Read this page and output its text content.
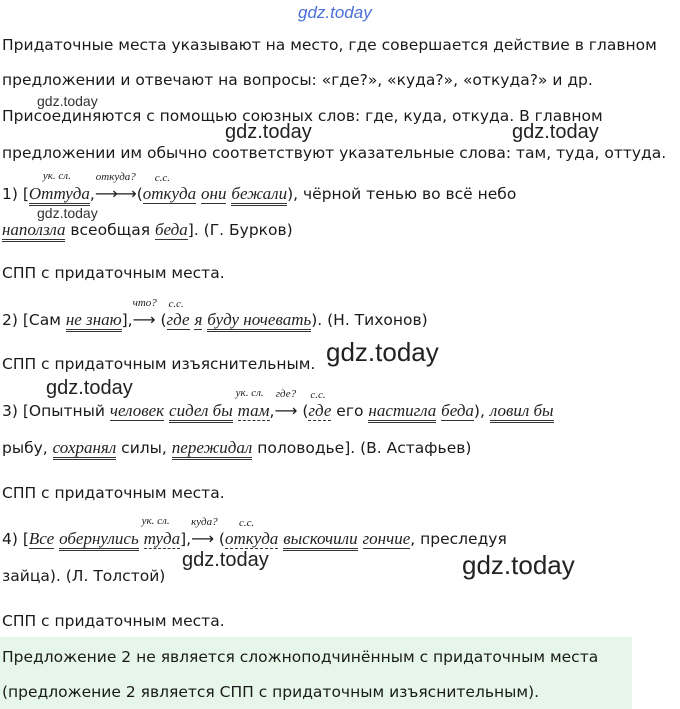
gdz.today
gdz.today
gdz.today	gdz.today
gdz.today
gdz.today
gdz.today
gdz.today	gdz.today
Придаточные места указывают на место, где совершается действие в главном
предложении и отвечают на вопросы: «где?», «куда?», «откуда?» и др.
Присоединяются с помощью союзных слов: где, куда, откуда. В главном
предложении им обычно соответствуют указательные слова: там, туда, оттуда.
1) [Оттуда
ук. сл.
,
откуда?
⟶⟶(откуда
с.с.
они бежали), чёрной тенью во всё небо
наползла всеобщая беда]. (Г. Бурков)
СПП с придаточным места.
2) [Сам не знаю],
что?
⟶ (где
с.с.
я буду ночевать). (Н. Тихонов)
СПП с придаточным изъяснительным.
3) [Опытный человек сидел бы там
ук. сл.
,
где?
⟶ (где
с.с.
его настигла беда), ловил бы
рыбу, сохранял силы, пережидал половодье]. (В. Астафьев)
СПП с придаточным места.
4) [Все обернулись туда
ук. сл.
],
куда?
⟶ (откуда
с.с.
выскочили гончие, преследуя
зайца). (Л. Толстой)
СПП с придаточным места.
Предложение 2 не является сложноподчинённым с придаточным места
(предложение 2 является СПП с придаточным изъяснительным).
